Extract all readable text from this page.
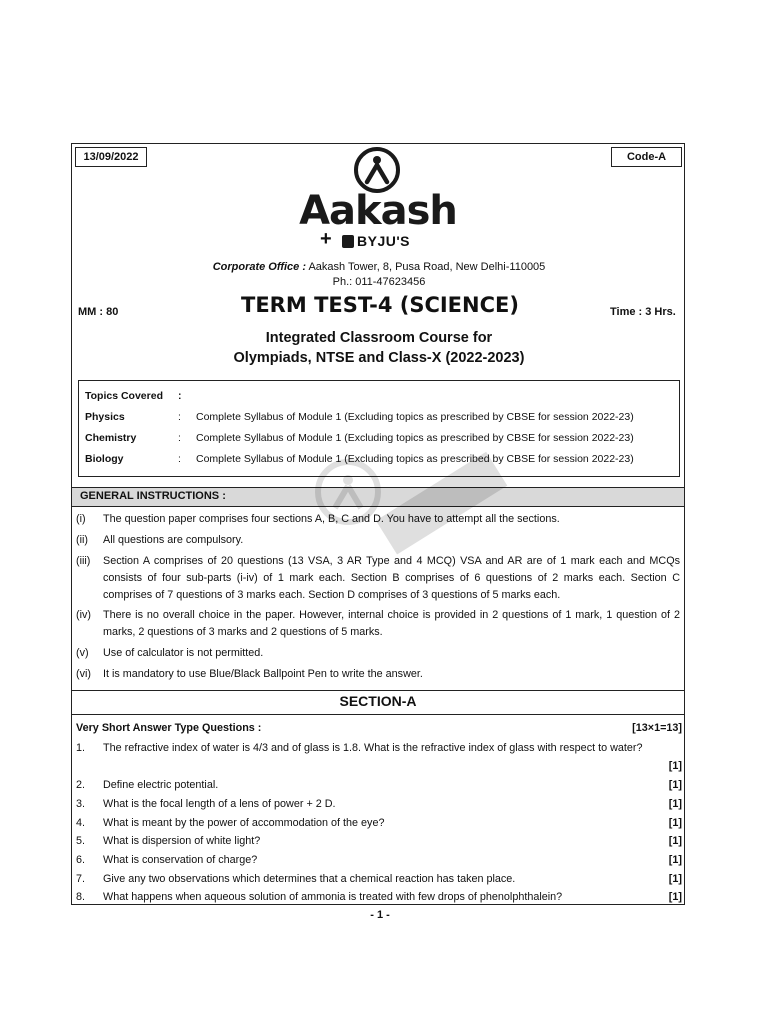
13/09/2022	Code-A
Aakash
+ BYJU'S
Corporate Office : Aakash Tower, 8, Pusa Road, New Delhi-110005
Ph.: 011-47623456
MM : 80	TERM TEST-4 (SCIENCE)	Time : 3 Hrs.
Integrated Classroom Course for
Olympiads, NTSE and Class-X (2022-2023)
Topics Covered :
Physics	: Complete Syllabus of Module 1 (Excluding topics as prescribed by CBSE for session 2022-23)
Chemistry	: Complete Syllabus of Module 1 (Excluding topics as prescribed by CBSE for session 2022-23)
Biology	: Complete Syllabus of Module 1 (Excluding topics as prescribed by CBSE for session 2022-23)
GENERAL INSTRUCTIONS :
(i) The question paper comprises four sections A, B, C and D. You have to attempt all the sections.
(ii) All questions are compulsory.
(iii) Section A comprises of 20 questions (13 VSA, 3 AR Type and 4 MCQ) VSA and AR are of 1 mark each and MCQs consists of four sub-parts (i-iv) of 1 mark each. Section B comprises of 6 questions of 2 marks each. Section C comprises of 7 questions of 3 marks each. Section D comprises of 3 questions of 5 marks each.
(iv) There is no overall choice in the paper. However, internal choice is provided in 2 questions of 1 mark, 1 question of 2 marks, 2 questions of 3 marks and 2 questions of 5 marks.
(v) Use of calculator is not permitted.
(vi) It is mandatory to use Blue/Black Ballpoint Pen to write the answer.
SECTION-A
Very Short Answer Type Questions :	[13×1=13]
1. The refractive index of water is 4/3 and of glass is 1.8. What is the refractive index of glass with respect to water?
[1]
2. Define electric potential.	[1]
3. What is the focal length of a lens of power + 2 D.	[1]
4. What is meant by the power of accommodation of the eye?	[1]
5. What is dispersion of white light?	[1]
6. What is conservation of charge?	[1]
7. Give any two observations which determines that a chemical reaction has taken place.	[1]
8. What happens when aqueous solution of ammonia is treated with few drops of phenolphthalein?	[1]
- 1 -
